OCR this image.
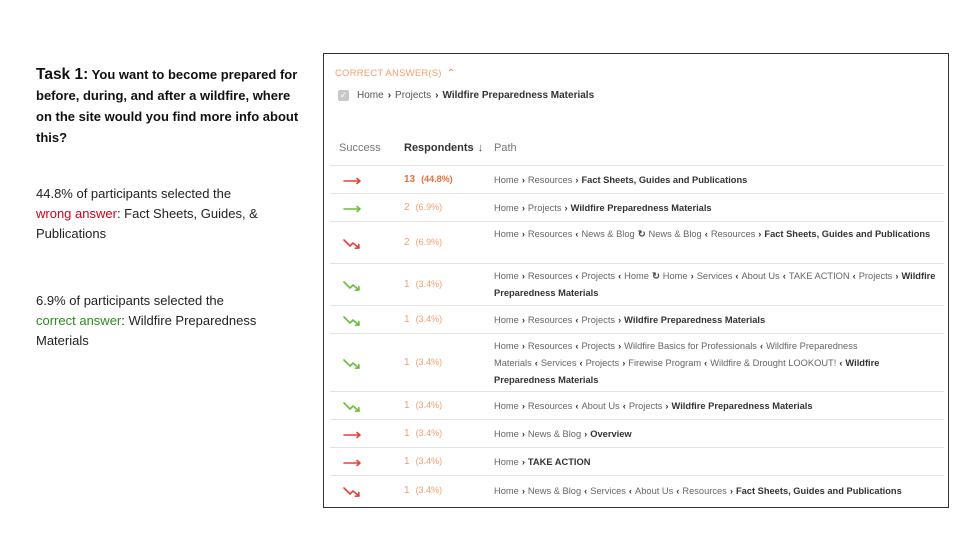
Task 1: You want to become prepared for before, during, and after a wildfire, where on the site would you find more info about this?
44.8% of participants selected the
wrong answer: Fact Sheets, Guides, & Publications
6.9% of participants selected the
correct answer: Wildfire Preparedness Materials
CORRECT ANSWER(S) ⌃
✓ Home › Projects › Wildfire Preparedness Materials
Success Respondents ↓ Path
13 (44.8%)	Home › Resources › Fact Sheets, Guides and Publications
2 (6.9%)	Home › Projects › Wildfire Preparedness Materials
2 (6.9%)
Home › Resources ‹ News & Blog ↻ News & Blog ‹ Resources › Fact Sheets, Guides and Publications
1 (3.4%)
Home › Resources ‹ Projects ‹ Home ↻ Home › Services ‹ About Us ‹ TAKE ACTION ‹ Projects › Wildfire Preparedness Materials
1 (3.4%)	Home › Resources ‹ Projects › Wildfire Preparedness Materials
1 (3.4%)
Home › Resources ‹ Projects › Wildfire Basics for Professionals ‹ Wildfire Preparedness Materials ‹ Services ‹ Projects › Firewise Program ‹ Wildfire & Drought LOOKOUT! ‹ Wildfire Preparedness Materials
1 (3.4%)	Home › Resources ‹ About Us ‹ Projects › Wildfire Preparedness Materials
1 (3.4%)	Home › News & Blog › Overview
1 (3.4%)	Home › TAKE ACTION
1 (3.4%)	Home › News & Blog ‹ Services ‹ About Us ‹ Resources › Fact Sheets, Guides and Publications
